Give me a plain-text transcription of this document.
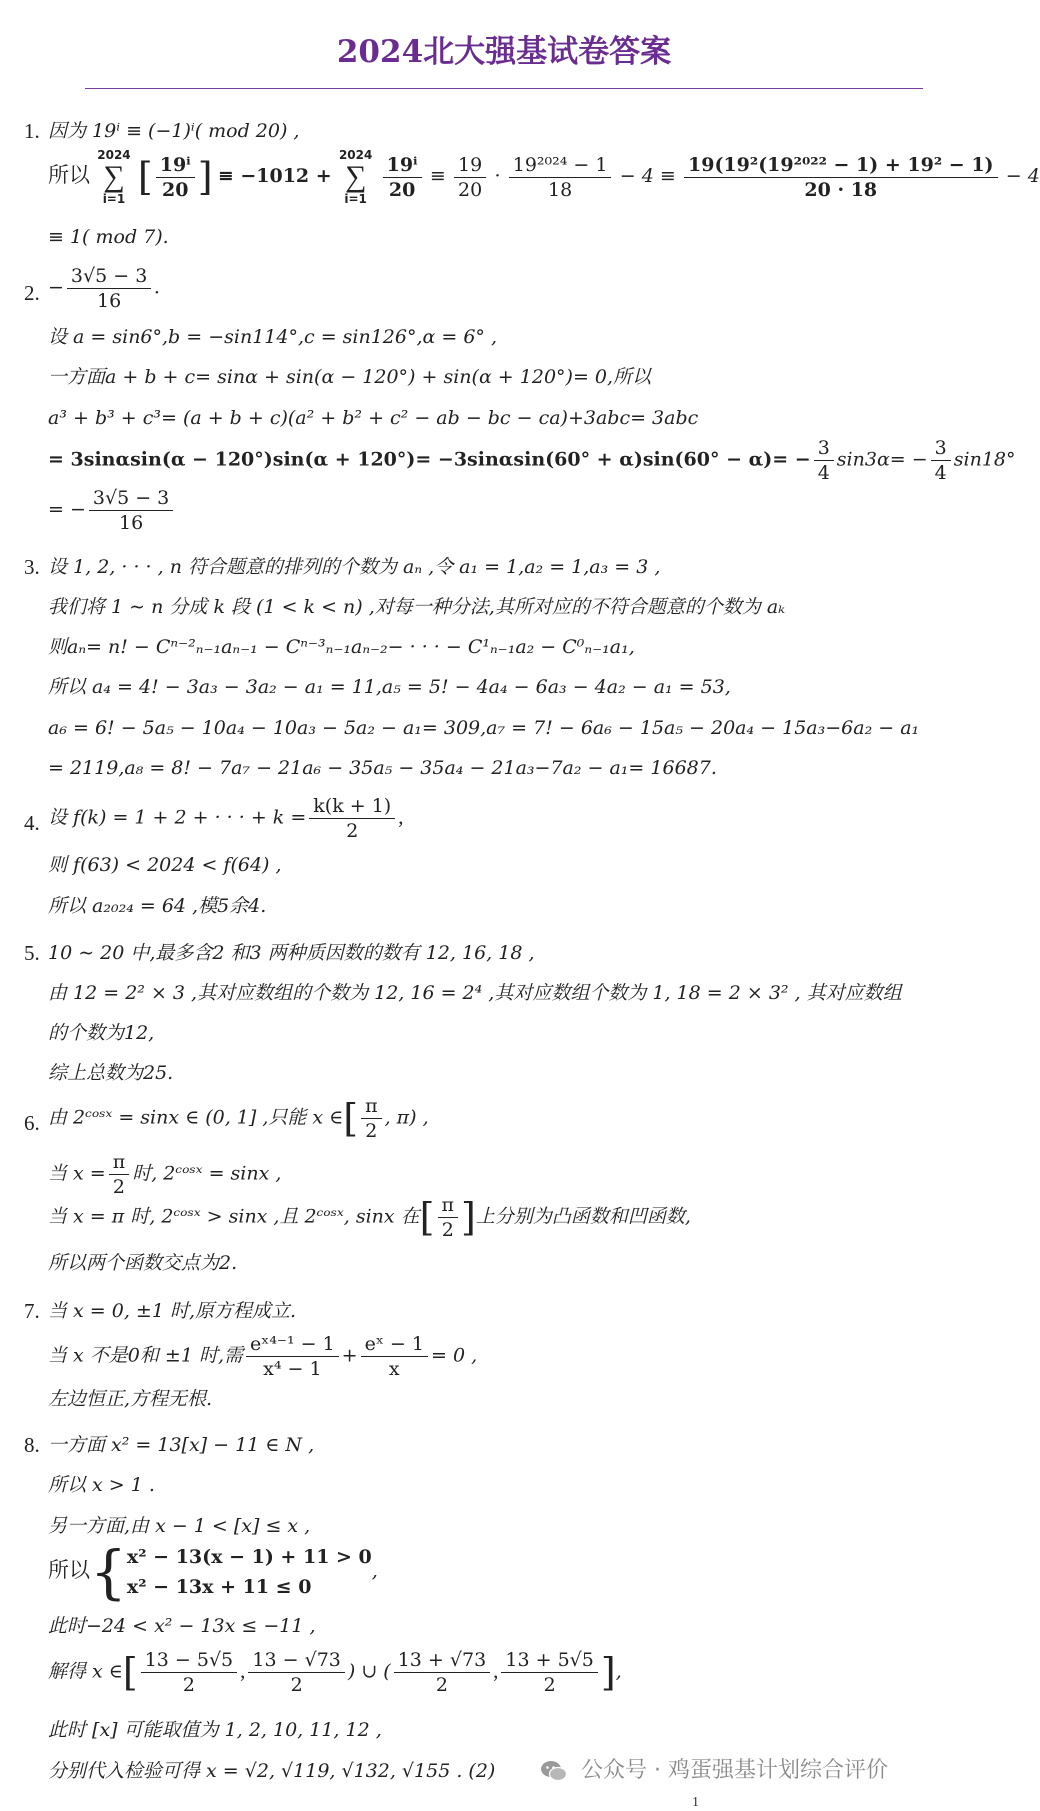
2024北大强基试卷答案
1. 因为 19ⁱ ≡ (−1)ⁱ( mod 20) ,
所以
2024
∑
i=1 [ $\frac{\text{19ⁱ}}{20}$ ] ≡ −1012 +
2024
∑
i=1
$\frac{\text{19ⁱ}}{20} \equiv \frac{19}{20} \cdot \frac{\text{19²⁰²⁴ − 1}}{18} - 4 \equiv \frac{\text{19(19²(19²⁰²² − 1) + 19² − 1)}}{20 \cdot 18} - 4$
≡ 1( mod 7).
2. − $\frac{3√5 - 3}{16}$ .
设 a = sin6°,b = −sin114°,c = sin126°,α = 6° ,
一方面a + b + c= sinα + sin(α − 120°) + sin(α + 120°)= 0,所以
a³ + b³ + c³= (a + b + c)(a² + b² + c² − ab − bc − ca)+3abc= 3abc
= $3\sin\alpha\sin(\alpha - 120^\circ)\sin(\alpha + 120^\circ)= -3\sin\alpha\sin(60^\circ + \alpha)\sin(60^\circ - \alpha)= - \frac{3}{4} \sin 3\alpha= - \frac{3}{4} \sin 18^\circ$
= − $\frac{3√5 - 3}{16}$
3. 设 1, 2, · · · , n 符合题意的排列的个数为 aₙ ,令 a₁ = 1,a₂ = 1,a₃ = 3 ,
我们将 1 ∼ n 分成 k 段 (1 < k < n) ,对每一种分法,其所对应的不符合题意的个数为 aₖ
则aₙ= n! − Cⁿ⁻²ₙ₋₁aₙ₋₁ − Cⁿ⁻³ₙ₋₁aₙ₋₂− · · · − C¹ₙ₋₁a₂ − C⁰ₙ₋₁a₁,
所以 a₄ = 4! − 3a₃ − 3a₂ − a₁ = 11,a₅ = 5! − 4a₄ − 6a₃ − 4a₂ − a₁ = 53,
a₆ = 6! − 5a₅ − 10a₄ − 10a₃ − 5a₂ − a₁= 309,a₇ = 7! − 6a₆ − 15a₅ − 20a₄ − 15a₃−6a₂ − a₁
= 2119,a₈ = 8! − 7a₇ − 21a₆ − 35a₅ − 35a₄ − 21a₃−7a₂ − a₁= 16687.
4. 设 f(k) = 1 + 2 + · · · + $k = \frac{k(k + 1)}{2}$ ,
则 f(63) < 2024 < f(64) ,
所以 a₂₀₂₄ = 64 ,模5余4.
5. 10 ∼ 20 中,最多含2 和3 两种质因数的数有 12, 16, 18 ,
由 12 = 2² × 3 ,其对应数组的个数为 12, 16 = 2⁴ ,其对应数组个数为 1, 18 = 2 × 3² , 其对应数组
的个数为12,
综上总数为25.
6. 由 2ᶜᵒˢˣ = sinx ∈ (0, 1] ,只能 x ∈[ $\frac{\pi}{2}$ , π) ,
当 $x = \frac{\pi}{2}$ 时, 2ᶜᵒˢˣ = sinx ,
当 x = π 时, 2ᶜᵒˢˣ > sinx ,且 2ᶜᵒˢˣ, sinx 在[ $\frac{\pi}{2}$ ]上分别为凸函数和凹函数,
所以两个函数交点为2.
7. 当 x = 0, ±1 时,原方程成立.
当 x 不是0和 ±1 时,需 $\frac{\text{eˣ⁴⁻¹ − 1}}{\text{x⁴ − 1}} + \frac{\text{eˣ − 1}}{x} = 0$ ,
左边恒正,方程无根.
8. 一方面 x² = 13[x] − 11 ∈ N ,
所以 x > 1 .
另一方面,由 x − 1 < [x] ≤ x ,
所以{ x² − 13(x − 1) + 11 > 0
x² − 13x + 11 ≤ 0
,
此时−24 < x² − 13x ≤ −11 ,
解得 x ∈[ $\frac{13 - 5√5}{2}$ , $\frac{13 - √73}{2}$ ) ∪ ( $\frac{13 + √73}{2}$ , $\frac{13 + 5√5}{2}$ ],
此时 [x] 可能取值为 1, 2, 10, 11, 12 ,
分别代入检验可得 x = √2, √119, √132, √155 . (2)	公众号 · 鸡蛋强基计划综合评价
1
